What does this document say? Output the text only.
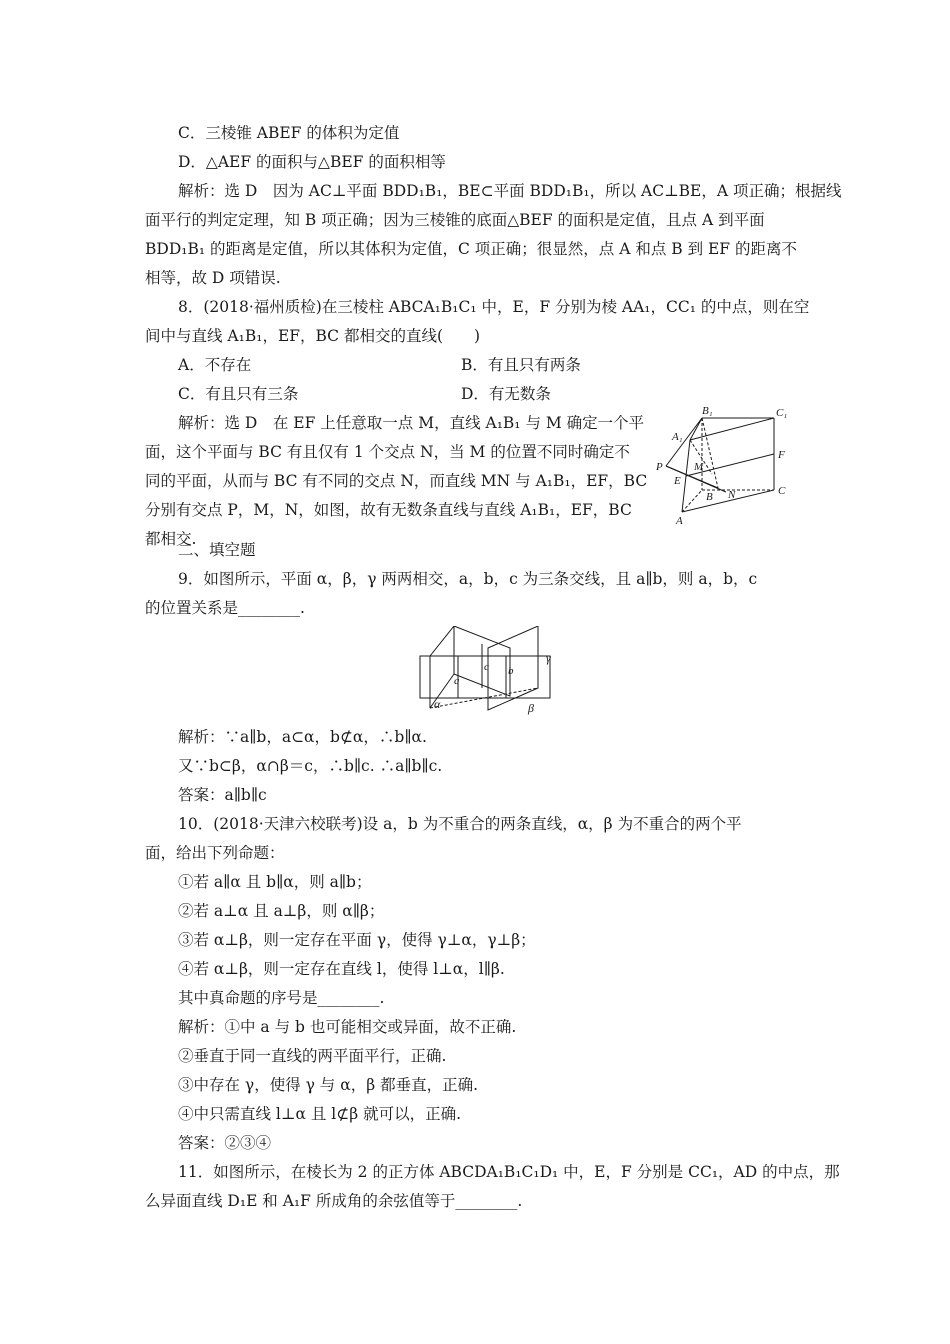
C．三棱锥 ABEF 的体积为定值
D．△AEF 的面积与△BEF 的面积相等
解析：选 D　因为 AC⊥平面 BDD₁B₁，BE⊂平面 BDD₁B₁，所以 AC⊥BE，A 项正确；根据线
面平行的判定定理，知 B 项正确；因为三棱锥的底面△BEF 的面积是定值，且点 A 到平面
BDD₁B₁ 的距离是定值，所以其体积为定值，C 项正确；很显然，点 A 和点 B 到 EF 的距离不
相等，故 D 项错误.
8．(2018·福州质检)在三棱柱 ABCA₁B₁C₁ 中，E，F 分别为棱 AA₁，CC₁ 的中点，则在空
间中与直线 A₁B₁，EF，BC 都相交的直线(　　)
A．不存在	B．有且只有两条
C．有且只有三条	D．有无数条
解析：选 D　在 EF 上任意取一点 M，直线 A₁B₁ 与 M 确定一个平
面，这个平面与 BC 有且仅有 1 个交点 N，当 M 的位置不同时确定不
同的平面，从而与 BC 有不同的交点 N，而直线 MN 与 A₁B₁，EF，BC
分别有交点 P，M，N，如图，故有无数条直线与直线 A₁B₁，EF，BC
都相交.
B₁	C₁
A₁
P	M
F
E
B N	C
A
二、填空题
9．如图所示，平面 α，β，γ 两两相交，a，b，c 为三条交线，且 a∥b，则 a，b，c
的位置关系是________.
c b
a
γ
α	β
解析：∵a∥b，a⊂α，b⊄α，∴b∥α.
又∵b⊂β，α∩β＝c，∴b∥c. ∴a∥b∥c.
答案：a∥b∥c
10．(2018·天津六校联考)设 a，b 为不重合的两条直线，α，β 为不重合的两个平
面，给出下列命题：
①若 a∥α 且 b∥α，则 a∥b；
②若 a⊥α 且 a⊥β，则 α∥β；
③若 α⊥β，则一定存在平面 γ，使得 γ⊥α，γ⊥β；
④若 α⊥β，则一定存在直线 l，使得 l⊥α，l∥β.
其中真命题的序号是________.
解析：①中 a 与 b 也可能相交或异面，故不正确.
②垂直于同一直线的两平面平行，正确.
③中存在 γ，使得 γ 与 α，β 都垂直，正确.
④中只需直线 l⊥α 且 l⊄β 就可以，正确.
答案：②③④
11．如图所示，在棱长为 2 的正方体 ABCDA₁B₁C₁D₁ 中，E，F 分别是 CC₁，AD 的中点，那
么异面直线 D₁E 和 A₁F 所成角的余弦值等于________.
